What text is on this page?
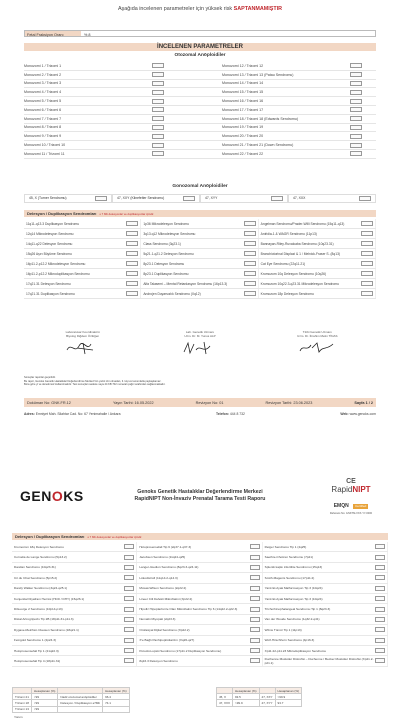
Aşağıda incelenen parametreler için yüksek risk SAPTANMAMIŞTIR
Fetal Fraksiyon Oranı	% 8
İNCELENEN PARAMETRELER
Otozomal Anöploidiler
Monozomi 1 / Trizomi 1	Monozomi 12 / Trizomi 12
Monozomi 2 / Trizomi 2	Monozomi 13 / Trizomi 13 (Patau Sendromu)
Monozomi 3 / Trizomi 3	Monozomi 14 / Trizomi 14
Monozomi 4 / Trizomi 4	Monozomi 15 / Trizomi 15
Monozomi 5 / Trizomi 5	Monozomi 16 / Trizomi 16
Monozomi 6 / Trizomi 6	Monozomi 17 / Trizomi 17
Monozomi 7 / Trizomi 7	Monozomi 18 / Trizomi 18 (Edwards Sendromu)
Monozomi 8 / Trizomi 8	Monozomi 19 / Trizomi 19
Monozomi 9 / Trizomi 9	Monozomi 20 / Trizomi 20
Monozomi 10 / Trizomi 10	Monozomi 21 / Trizomi 21 (Down Sendromu)
Monozomi 11 / Trizomi 11	Monozomi 22 / Trizomi 22
Gonozomal Anöploidiler
45, X (Turner Sendromu)	47, XXY (Klinefelter Sendromu)	47, XYY	47, XXX
Delesyon / Duplikasyon Sendromları ≥ 7 Mb delesyonlar ve duplikasyonlar içindir.
11q11-q13.3 Duplikasyon Sendromu	1p36 Mikrodelesyon Sendromu	Angelman Sendromu/Prader-Willi Sendromu (15q11-q13)
12q14 Mikrodelesyon Sendromu	3q13.q12 Mikrodelesyon Sendromu	Aniridia-1 & WAGR Sendromu (11p13)
14q11-q22 Delesyon Sendromu	Class Sendromu (3q23.1)	Bannayan-Riley-Ruvalcaba Sendromu (10q23.31)
15q26 Aşırı Büyüme Sendromu	5q21.1-q21.2 Delesyon Sendromu	Branchiotorinal Displazi & 1 / Melnick-Fraser S. (8q13)
16p11.2-p12.2 Mikrodelesyon Sendromu	8p23.1 Delesyon Sendromu	Cat Eye Sendromu (22q11.21)
16p11.2-p12.2 Mikroduplikasyon Sendromu	8p23.1 Duplikasyon Sendromu	Kromozom 10q Delesyon Sendromu (10q26)
17q21.31 Delesyon Sendromu	Alfa Talasemi – Mental Retardasyon Sendromu (16p13.3)	Kromozom 10q22.3-q23.31 Mikrodelesyon Sendromu
17q21.31 Duplikasyon Sendromu	Androjen Duyarsızlık Sendromu (Xq12)	Kromozom 18p Delesyon Sendromu
Laboratuvar Koordinatörü
Biyolog Diğdem Özlüğen
Lab. Genetik Uzmanı
Uzm. Dr. M. Yunus ALP
Tıbbi Genetik Uzmanı
Uzm. Dr. İbrahim Metin TİNAS
Sonuçlar raporlar geçerlidir.
Bu rapor, Genoks Genetik Hastalıklar Değerlendirme Merkezi'nin yazılı izni olmadan, 3. kişi ve kurumlarla paylaşılamaz.
Bora göre yi ve denetimsiz kullanılmalıdır. Test sonuçları sadece vaya 44 KB 702 numaralı çağrı tarafından sağlanmaktadır.
Doküman No: GNK.FR.12	Yayın Tarihi: 16.05.2022	Revizyon No: 01	Revizyon Tarihi: 23.06.2023	Sayfa 1 / 2
Adres: Emniyet Mah. Silahtar Cad. No: 67 Yenimahalle / Ankara	Telefon: 444 8 732	Web: www.genoks.com
GENOKS	Genoks Genetik Hastalıklar Değerlendirme Merkezi
RapidNIPT Non-İnvaziv Prenatal Tarama Testi Raporu
CE
RapidNIPT
EMQN Certified
Referans No: GNKTM-XXX-YY-0000
Delesyon / Duplikasyon Sendromları ≥ 7 Mb delesyonlar ve duplikasyonlar içindir.
Kromozom 18q Delesyon Sendromu	Holoprosensefali Tip 6 (2q37.1-q37.3)	Reiger Sendromu Tip 1 (4q25)
Cornelia de Lange Sendromu (5p13.2)	Jacobsen Sendromu (11q24-q25)	Saethre-Chotzen Sendromu (7p21)
Dandan Sendromu (10q23.31)	Langer-Giedion Sendromu (8q23.3-q24.11)	Splenik kapkı infertilite Sendromu (15q13)
Cri du Chat Sendromu (5p15.2)	Lökodistrofi (11q14.2-q14.3)	Smith-Magenis Sendromu (17p11.2)
Dandy Walker Sendromu (3q24-q25.1)	Mowat-Wilson Sendromu (2q22.2)	Yarık El-Ayak Malformasyon Tip 3 (10q24)
Konjenital Diyafram Hernisi (HCD / DHY) (15q26.1)	Lineer Cilt Defekti Mikroftalmi (Xp22.2)	Yarık El-Ayak Malformasyon Tip 3 (10q24)
DiGeorge 2 Sendromu (10p14-p13)	Hipofiz Hipoplazisi ile Olan Mikroftalmi Sendromu Tip 6 (14q22.2-q22.3)	Trichorhinophalangeal Sendromu Tip 1 (8q23.3)
Distal Artrogripozis Tip 2B (18p11.31-p11.3)	Nemalin Miyopati (2q23.3)	Van der Woude Sendromu (1q32.2-q41)
Dygave-Melchior-Clausen Sendromu (18q21.1)	Orofasiyal Dijital Sendromu (Xp22.2)	Wilms Tümör Tip 1 (11p13)
Feingold Sendromu 1 (2p24.3)	X'e Bağlı Panhipopitüitarizm (Xq26-q27)	Wolf-Hirschhorn Sendromu (4p16.3)
Holoprosensefali Tip 1 (21q22.3)	Potocki-Lupski Sendromu (17p11.2 Duplikasyon Sendromu)	Xp11.22-p11.23 Mikroduplikasyon Sendromu
Holoprosensefali Tip 4 (18p11.31)	8q16.3 Delesyon Sendromu	Duchenne Musküler Distrofisi – Duchenne / Becker Musküler Distrofisi (Xp21.2-p21.1)
	Hesaplanan (%)		Hesaplanan (%)
Trizomi 21	<99	Nadir otozomal anöploidiler	96.4
Trizomi 18	<99	Delesyon / Duplikasyon ≥7Mb	74.1
Trizomi 13	<99		
	Hesaplanan (%)		Hesaplanan (%)
45, X	93.5	47, XXY	>99.9
47, XXX	>99.9	47, XYY	93.7
Yorum
